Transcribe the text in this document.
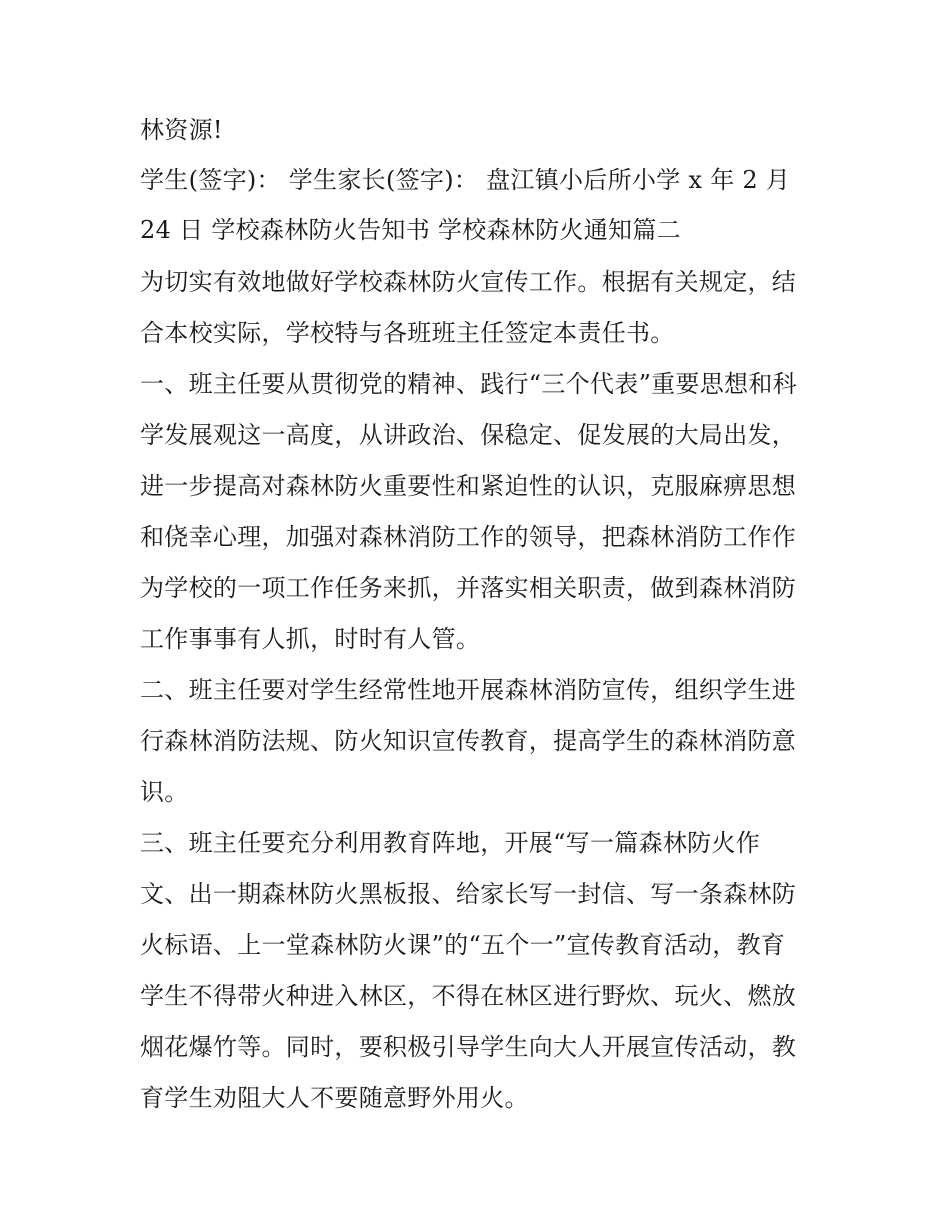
林资源!
学生(签字)： 学生家长(签字)： 盘江镇小后所小学 x 年 2 月
24 日 学校森林防火告知书 学校森林防火通知篇二
为切实有效地做好学校森林防火宣传工作。根据有关规定，结
合本校实际，学校特与各班班主任签定本责任书。
一、班主任要从贯彻党的精神、践行“三个代表”重要思想和科
学发展观这一高度，从讲政治、保稳定、促发展的大局出发，
进一步提高对森林防火重要性和紧迫性的认识，克服麻痹思想
和侥幸心理，加强对森林消防工作的领导，把森林消防工作作
为学校的一项工作任务来抓，并落实相关职责，做到森林消防
工作事事有人抓，时时有人管。
二、班主任要对学生经常性地开展森林消防宣传，组织学生进
行森林消防法规、防火知识宣传教育，提高学生的森林消防意
识。
三、班主任要充分利用教育阵地，开展“写一篇森林防火作
文、出一期森林防火黑板报、给家长写一封信、写一条森林防
火标语、上一堂森林防火课”的“五个一”宣传教育活动，教育
学生不得带火种进入林区，不得在林区进行野炊、玩火、燃放
烟花爆竹等。同时，要积极引导学生向大人开展宣传活动，教
育学生劝阻大人不要随意野外用火。
